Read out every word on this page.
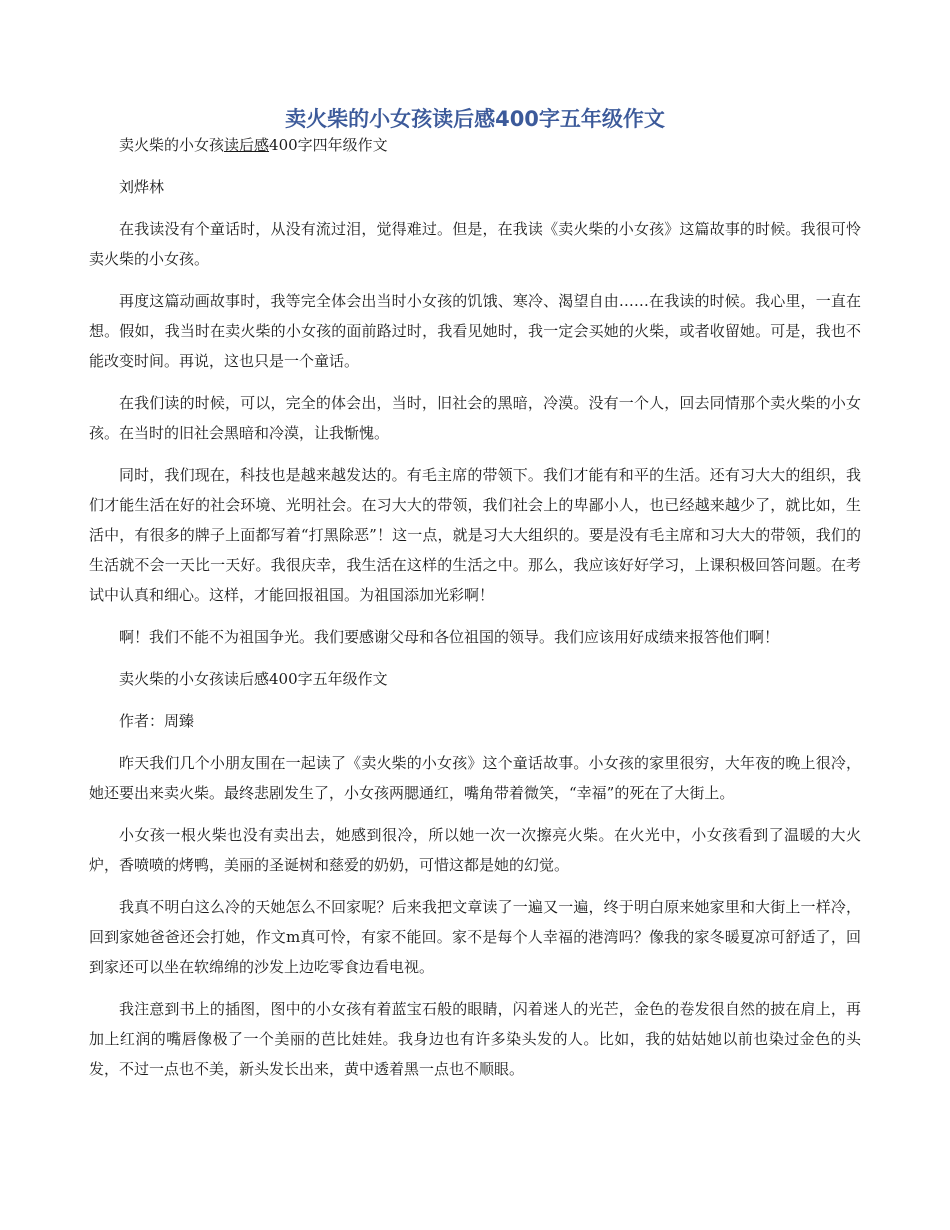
卖火柴的小女孩读后感400字五年级作文

卖火柴的小女孩读后感400字四年级作文

刘烨林

在我读没有个童话时，从没有流过泪，觉得难过。但是，在我读《卖火柴的小女孩》这篇故事的时候。我很可怜卖火柴的小女孩。

再度这篇动画故事时，我等完全体会出当时小女孩的饥饿、寒冷、渴望自由……在我读的时候。我心里，一直在想。假如，我当时在卖火柴的小女孩的面前路过时，我看见她时，我一定会买她的火柴，或者收留她。可是，我也不能改变时间。再说，这也只是一个童话。

在我们读的时候，可以，完全的体会出，当时，旧社会的黑暗，冷漠。没有一个人，回去同情那个卖火柴的小女孩。在当时的旧社会黑暗和冷漠，让我惭愧。

同时，我们现在，科技也是越来越发达的。有毛主席的带领下。我们才能有和平的生活。还有习大大的组织，我们才能生活在好的社会环境、光明社会。在习大大的带领，我们社会上的卑鄙小人，也已经越来越少了，就比如，生活中，有很多的牌子上面都写着“打黑除恶”！这一点，就是习大大组织的。要是没有毛主席和习大大的带领，我们的生活就不会一天比一天好。我很庆幸，我生活在这样的生活之中。那么，我应该好好学习，上课积极回答问题。在考试中认真和细心。这样，才能回报祖国。为祖国添加光彩啊！

啊！我们不能不为祖国争光。我们要感谢父母和各位祖国的领导。我们应该用好成绩来报答他们啊！

卖火柴的小女孩读后感400字五年级作文

作者：周臻

昨天我们几个小朋友围在一起读了《卖火柴的小女孩》这个童话故事。小女孩的家里很穷，大年夜的晚上很冷，她还要出来卖火柴。最终悲剧发生了，小女孩两腮通红，嘴角带着微笑，“幸福”的死在了大街上。

小女孩一根火柴也没有卖出去，她感到很冷，所以她一次一次擦亮火柴。在火光中，小女孩看到了温暖的大火炉，香喷喷的烤鸭，美丽的圣诞树和慈爱的奶奶，可惜这都是她的幻觉。

我真不明白这么冷的天她怎么不回家呢？后来我把文章读了一遍又一遍，终于明白原来她家里和大街上一样冷，回到家她爸爸还会打她，作文m真可怜，有家不能回。家不是每个人幸福的港湾吗？像我的家冬暖夏凉可舒适了，回到家还可以坐在软绵绵的沙发上边吃零食边看电视。

我注意到书上的插图，图中的小女孩有着蓝宝石般的眼睛，闪着迷人的光芒，金色的卷发很自然的披在肩上，再加上红润的嘴唇像极了一个美丽的芭比娃娃。我身边也有许多染头发的人。比如，我的姑姑她以前也染过金色的头发，不过一点也不美，新头发长出来，黄中透着黑一点也不顺眼。
